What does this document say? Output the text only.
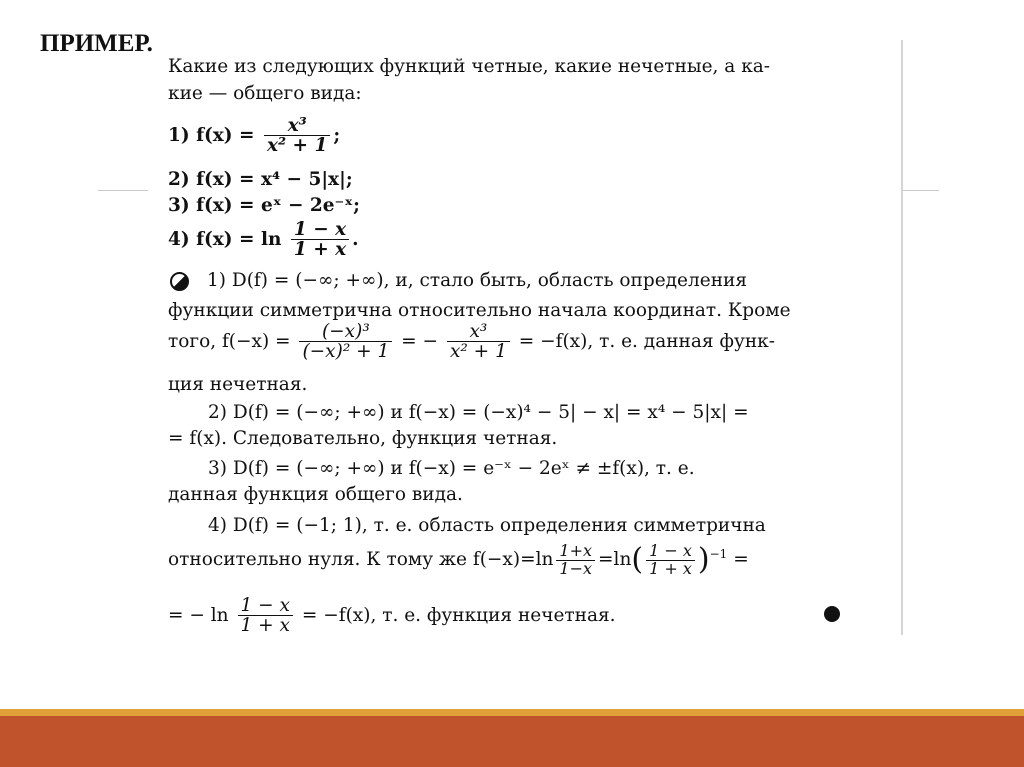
ПРИМЕР.
Какие из следующих функций четные, какие нечетные, а ка-
кие — общего вида:
1) $f(x) = \frac{\text{x³}}{\text{x² + 1}}$ ;
2) f(x) = x⁴ − 5|x|;
3) f(x) = eˣ − 2e⁻ˣ;
4) $f(x) = \ln \frac{1 - x}{1 + x}$ .
1) D(f) = (−∞; +∞), и, стало быть, область определения
функции симметрична относительно начала координат. Кроме
того, $f(-x) = \frac{\text{(−x)³}}{\text{(−x)² + 1}}$ = − $\frac{\text{x³}}{\text{x² + 1}} = -f(x)$, т. е. данная функ-
ция нечетная.
2) D(f) = (−∞; +∞) и f(−x) = (−x)⁴ − 5| − x| = x⁴ − 5|x| =
= f(x). Следовательно, функция четная.
3) D(f) = (−∞; +∞) и f(−x) = e⁻ˣ − 2eˣ ≠ ±f(x), т. е.
данная функция общего вида.
4) D(f) = (−1; 1), т. е. область определения симметрична
относительно нуля. К тому же $f(-x)=\ln \frac{1+x}{1-x} =\ln( \frac{1 - x}{1 + x} )^{-1}$ =
= − $\ln \frac{1 - x}{1 + x} = -f(x)$, т. е. функция нечетная.
